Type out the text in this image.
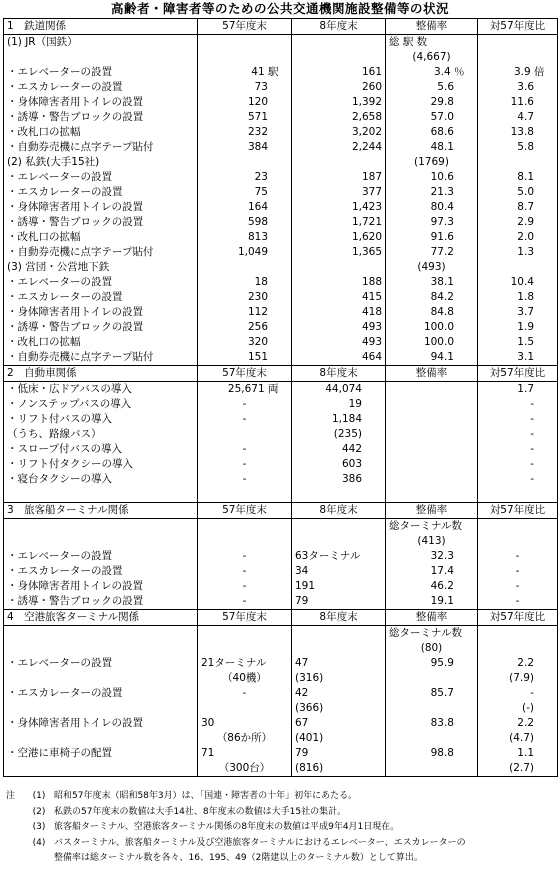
高齢者・障害者等のための公共交通機関施設整備等の状況
1　鉄道関係	57年度末	8年度末	整備率	対57年度比
(1) JR（国鉄）			総 駅 数	
			(4,667)	
・エレベーターの設置	41 駅	161	3.4 ％	3.9 倍
・エスカレーターの設置	73	260	5.6	3.6
・身体障害者用トイレの設置	120	1,392	29.8	11.6
・誘導・警告ブロックの設置	571	2,658	57.0	4.7
・改札口の拡幅	232	3,202	68.6	13.8
・自動券売機に点字テープ貼付	384	2,244	48.1	5.8
(2) 私鉄(大手15社)			(1769)	
・エレベーターの設置	23	187	10.6	8.1
・エスカレーターの設置	75	377	21.3	5.0
・身体障害者用トイレの設置	164	1,423	80.4	8.7
・誘導・警告ブロックの設置	598	1,721	97.3	2.9
・改札口の拡幅	813	1,620	91.6	2.0
・自動券売機に点字テープ貼付	1,049	1,365	77.2	1.3
(3) 営団・公営地下鉄			(493)	
・エレベーターの設置	18	188	38.1	10.4
・エスカレーターの設置	230	415	84.2	1.8
・身体障害者用トイレの設置	112	418	84.8	3.7
・誘導・警告ブロックの設置	256	493	100.0	1.9
・改札口の拡幅	320	493	100.0	1.5
・自動券売機に点字テープ貼付	151	464	94.1	3.1
2　自動車関係	57年度末	8年度末	整備率	対57年度比
・低床・広ドアバスの導入	25,671 両	44,074		1.7
・ノンステップバスの導入	-	19		-
・リフト付バスの導入	-	1,184		-
（うち、路線バス）		(235)		-
・スロープ付バスの導入	-	442		-
・リフト付タクシーの導入	-	603		-
・寝台タクシーの導入	-	386		-

3　旅客船ターミナル関係	57年度末	8年度末	整備率	対57年度比
			総ターミナル数	
			(413)	
・エレベーターの設置	-	63ターミナル	32.3	-
・エスカレーターの設置	-	34	17.4	-
・身体障害者用トイレの設置	-	191	46.2	-
・誘導・警告ブロックの設置	-	79	19.1	-
4　空港旅客ターミナル関係	57年度末	8年度末	整備率	対57年度比
			総ターミナル数	
			(80)	
・エレベーターの設置	21ターミナル	47	95.9	2.2
	（40機）	(316)		(7.9)
・エスカレーターの設置	-	42	85.7	-
		(366)		(-)
・身体障害者用トイレの設置	30	67	83.8	2.2
	（86か所）	(401)		(4.7)
・空港に車椅子の配置	71	79	98.8	1.1
	（300台）	(816)		(2.7)
注	(1) 昭和57年度末（昭和58年3月）は、「国連・障害者の十年」初年にあたる。
(2) 私鉄の57年度末の数値は大手14社、8年度末の数値は大手15社の集計。
(3) 旅客船ターミナル、空港旅客ターミナル関係の8年度末の数値は平成9年4月1日現在。
(4) バスターミナル、旅客船ターミナル及び空港旅客ターミナルにおけるエレベーター、エスカレーターの
整備率は総ターミナル数を各々、16、195、49（2階建以上のターミナル数）として算出。
